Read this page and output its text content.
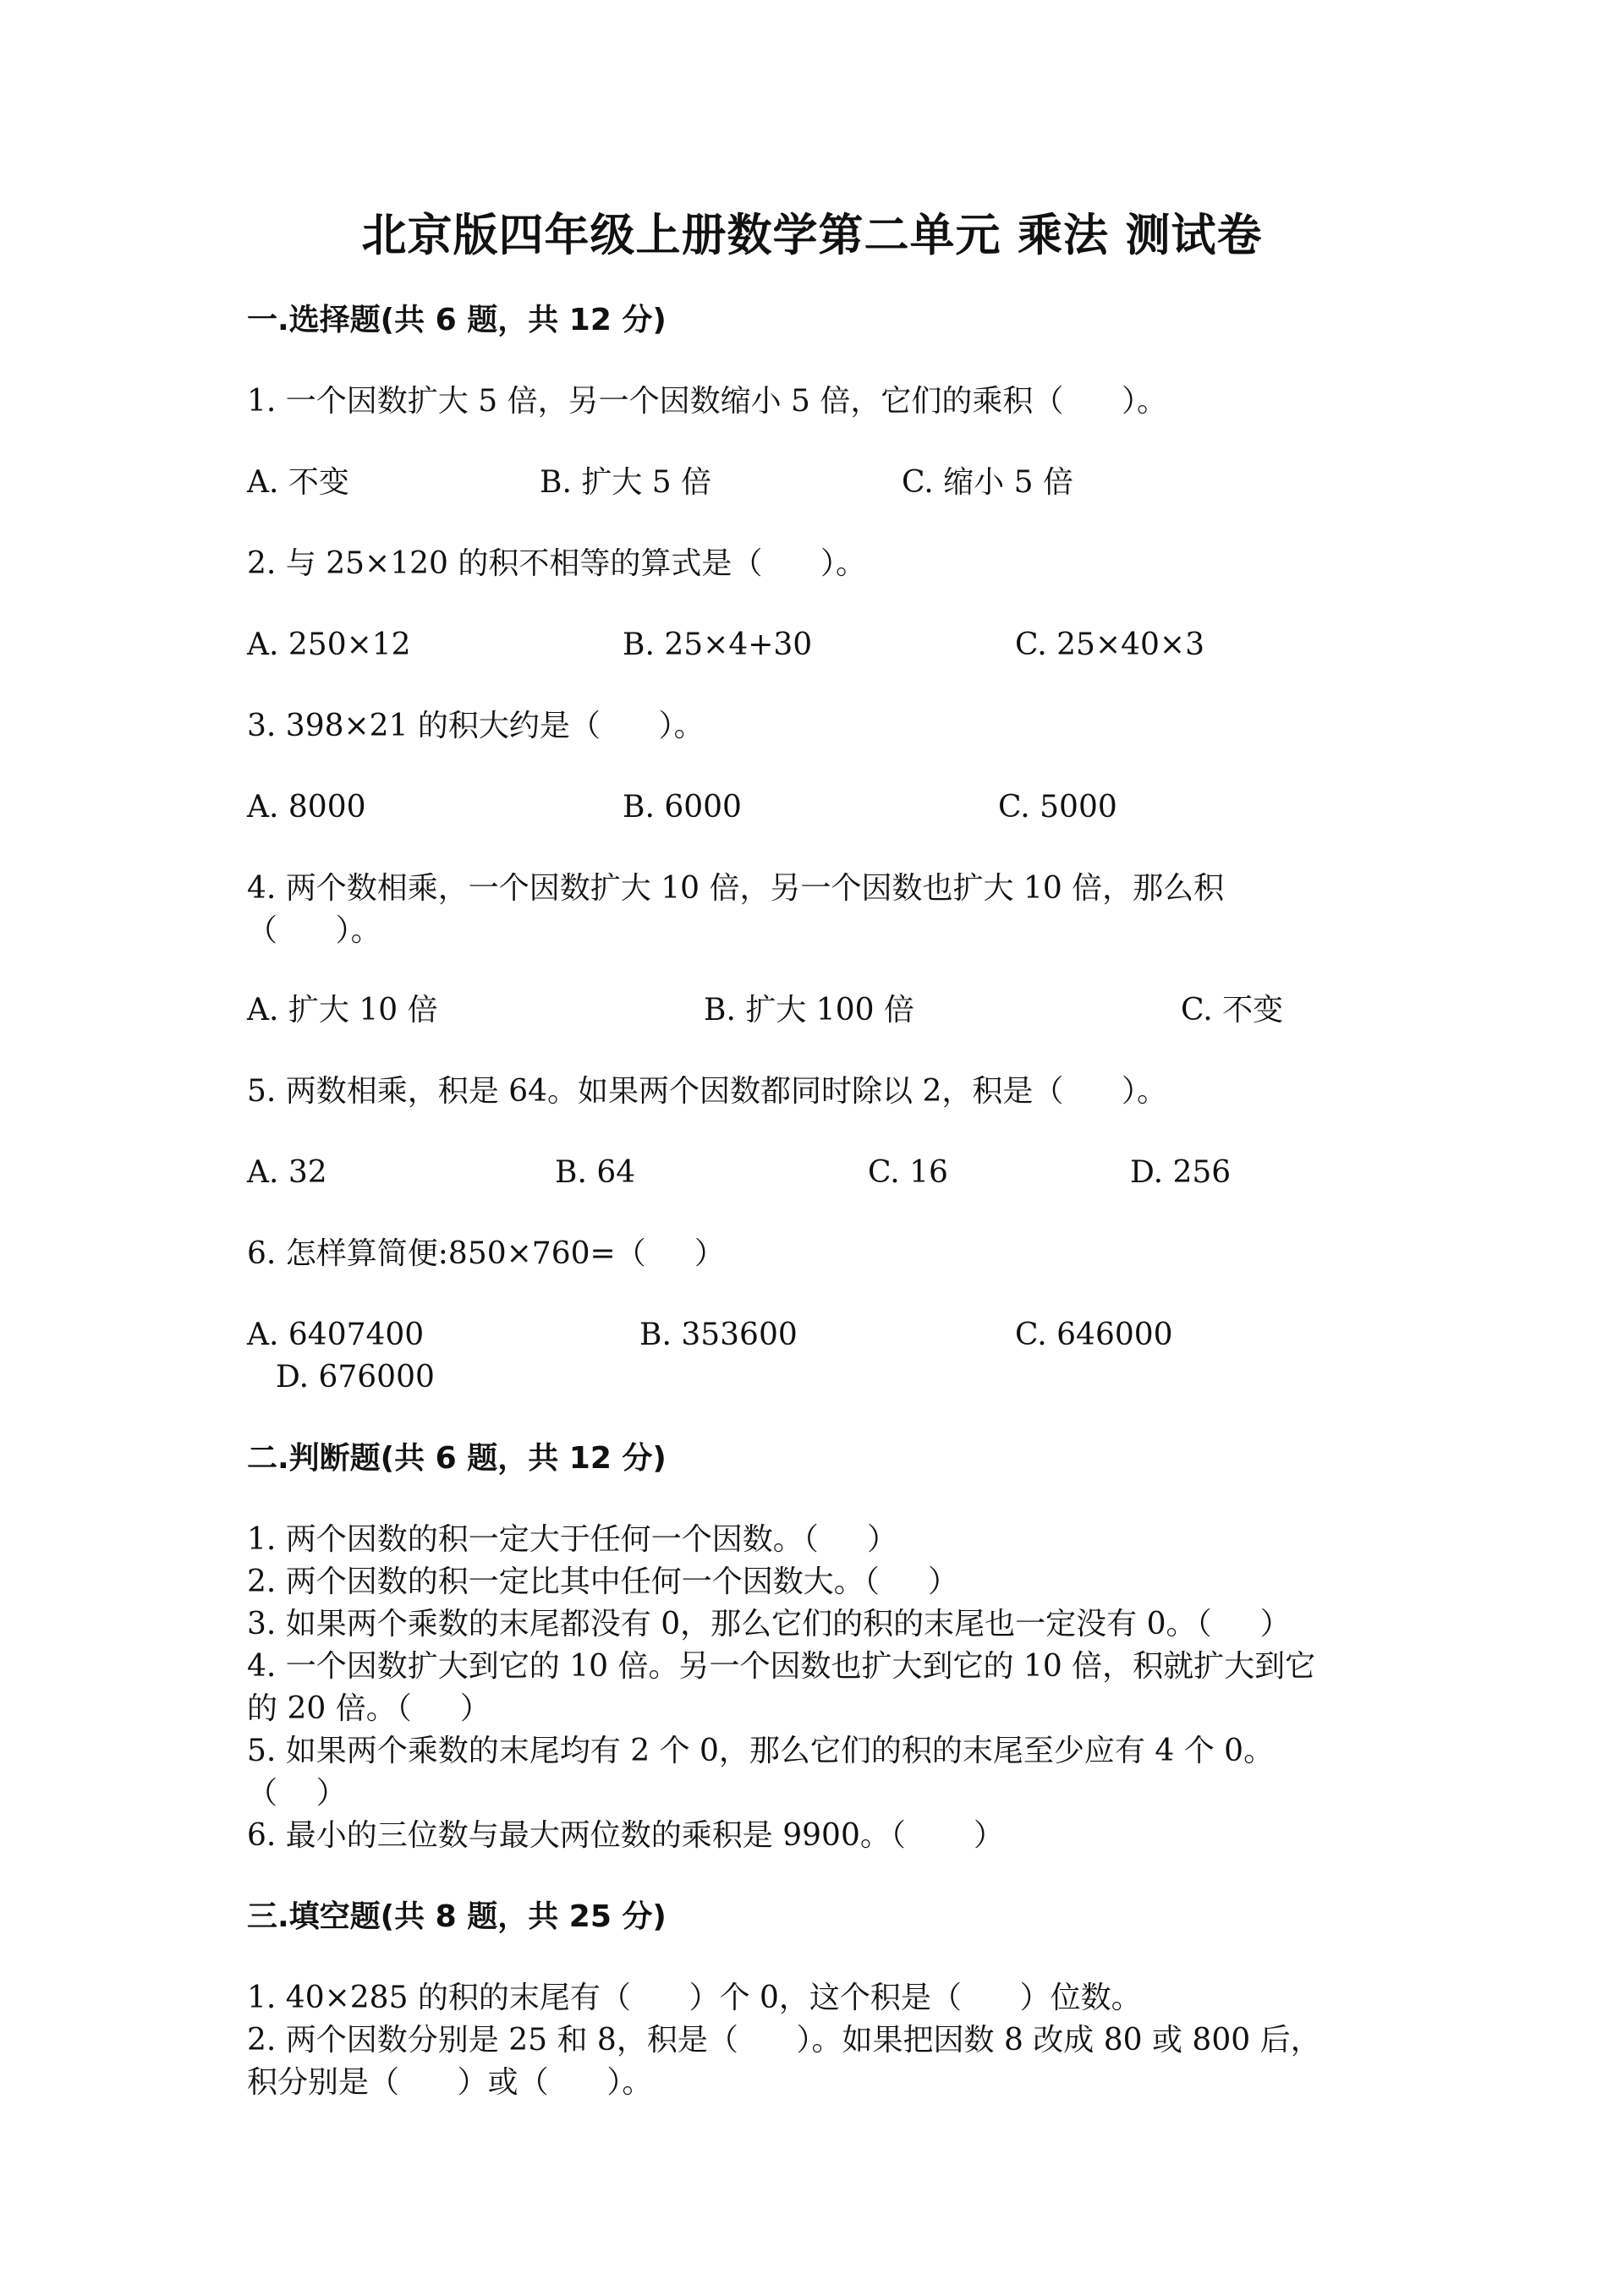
北京版四年级上册数学第二单元 乘法 测试卷
一.选择题(共 6 题，共 12 分)
1. 一个因数扩大 5 倍，另一个因数缩小 5 倍，它们的乘积（      ）。
A. 不变	B. 扩大 5 倍	C. 缩小 5 倍
2. 与 25×120 的积不相等的算式是（      ）。
A. 250×12	B. 25×4+30	C. 25×40×3
3. 398×21 的积大约是（      ）。
A. 8000	B. 6000	C. 5000
4. 两个数相乘，一个因数扩大 10 倍，另一个因数也扩大 10 倍，那么积
（      ）。
A. 扩大 10 倍	B. 扩大 100 倍	C. 不变
5. 两数相乘，积是 64。如果两个因数都同时除以 2，积是（      ）。
A. 32	B. 64	C. 16	D. 256
6. 怎样算简便:850×760=（     ）
A. 6407400	B. 353600	C. 646000
D. 676000
二.判断题(共 6 题，共 12 分)
1. 两个因数的积一定大于任何一个因数。（     ）
2. 两个因数的积一定比其中任何一个因数大。（     ）
3. 如果两个乘数的末尾都没有 0，那么它们的积的末尾也一定没有 0。（     ）
4. 一个因数扩大到它的 10 倍。另一个因数也扩大到它的 10 倍，积就扩大到它
的 20 倍。（     ）
5. 如果两个乘数的末尾均有 2 个 0，那么它们的积的末尾至少应有 4 个 0。
（    ）
6. 最小的三位数与最大两位数的乘积是 9900。（       ）
三.填空题(共 8 题，共 25 分)
1. 40×285 的积的末尾有（      ）个 0，这个积是（      ）位数。
2. 两个因数分别是 25 和 8，积是（      ）。如果把因数 8 改成 80 或 800 后，
积分别是（      ）或（      ）。
